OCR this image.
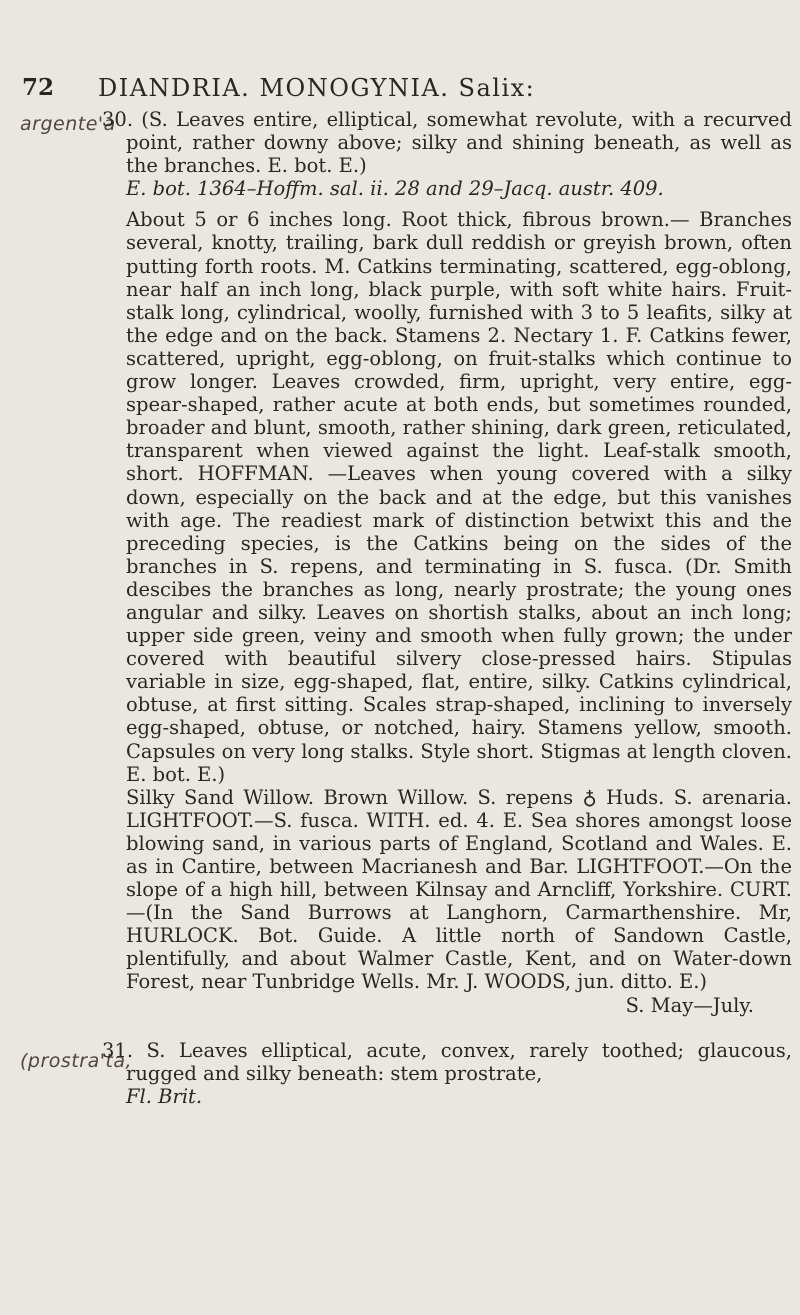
72 DIANDRIA. MONOGYNIA. Salix:
argente'a
(prostra'ta,

30. (S. Leaves entire, elliptical, somewhat revolute, with a recurved point, rather downy above; silky and shining beneath, as well as the branches. E. bot. E.)

E. bot. 1364–Hoffm. sal. ii. 28 and 29–Jacq. austr. 409.

About 5 or 6 inches long. Root thick, fibrous brown.— Branches several, knotty, trailing, bark dull reddish or greyish brown, often putting forth roots. M. Catkins terminating, scattered, egg-oblong, near half an inch long, black purple, with soft white hairs. Fruit-stalk long, cylindrical, woolly, furnished with 3 to 5 leafits, silky at the edge and on the back. Stamens 2. Nectary 1. F. Catkins fewer, scattered, upright, egg-oblong, on fruit-stalks which continue to grow longer. Leaves crowded, firm, upright, very entire, egg-spear-shaped, rather acute at both ends, but sometimes rounded, broader and blunt, smooth, rather shining, dark green, reticulated, transparent when viewed against the light. Leaf-stalk smooth, short. HOFFMAN. —Leaves when young covered with a silky down, especially on the back and at the edge, but this vanishes with age. The readiest mark of distinction betwixt this and the preceding species, is the Catkins being on the sides of the branches in S. repens, and terminating in S. fusca. (Dr. Smith descibes the branches as long, nearly prostrate; the young ones angular and silky. Leaves on shortish stalks, about an inch long; upper side green, veiny and smooth when fully grown; the under covered with beautiful silvery close-pressed hairs. Stipulas variable in size, egg-shaped, flat, entire, silky. Catkins cylindrical, obtuse, at first sitting. Scales strap-shaped, inclining to inversely egg-shaped, obtuse, or notched, hairy. Stamens yellow, smooth. Capsules on very long stalks. Style short. Stigmas at length cloven. E. bot. E.)

Silky Sand Willow. Brown Willow. S. repens ♁ Huds. S. arenaria. LIGHTFOOT.—S. fusca. WITH. ed. 4. E. Sea shores amongst loose blowing sand, in various parts of England, Scotland and Wales. E. as in Cantire, between Macrianesh and Bar. LIGHTFOOT.—On the slope of a high hill, between Kilnsay and Arncliff, Yorkshire. CURT.—(In the Sand Burrows at Langhorn, Carmarthenshire. Mr, HURLOCK. Bot. Guide. A little north of Sandown Castle, plentifully, and about Walmer Castle, Kent, and on Water-down Forest, near Tunbridge Wells. Mr. J. WOODS, jun. ditto. E.)

S. May—July.

31. S. Leaves elliptical, acute, convex, rarely toothed; glaucous, rugged and silky beneath: stem prostrate,

Fl. Brit.
